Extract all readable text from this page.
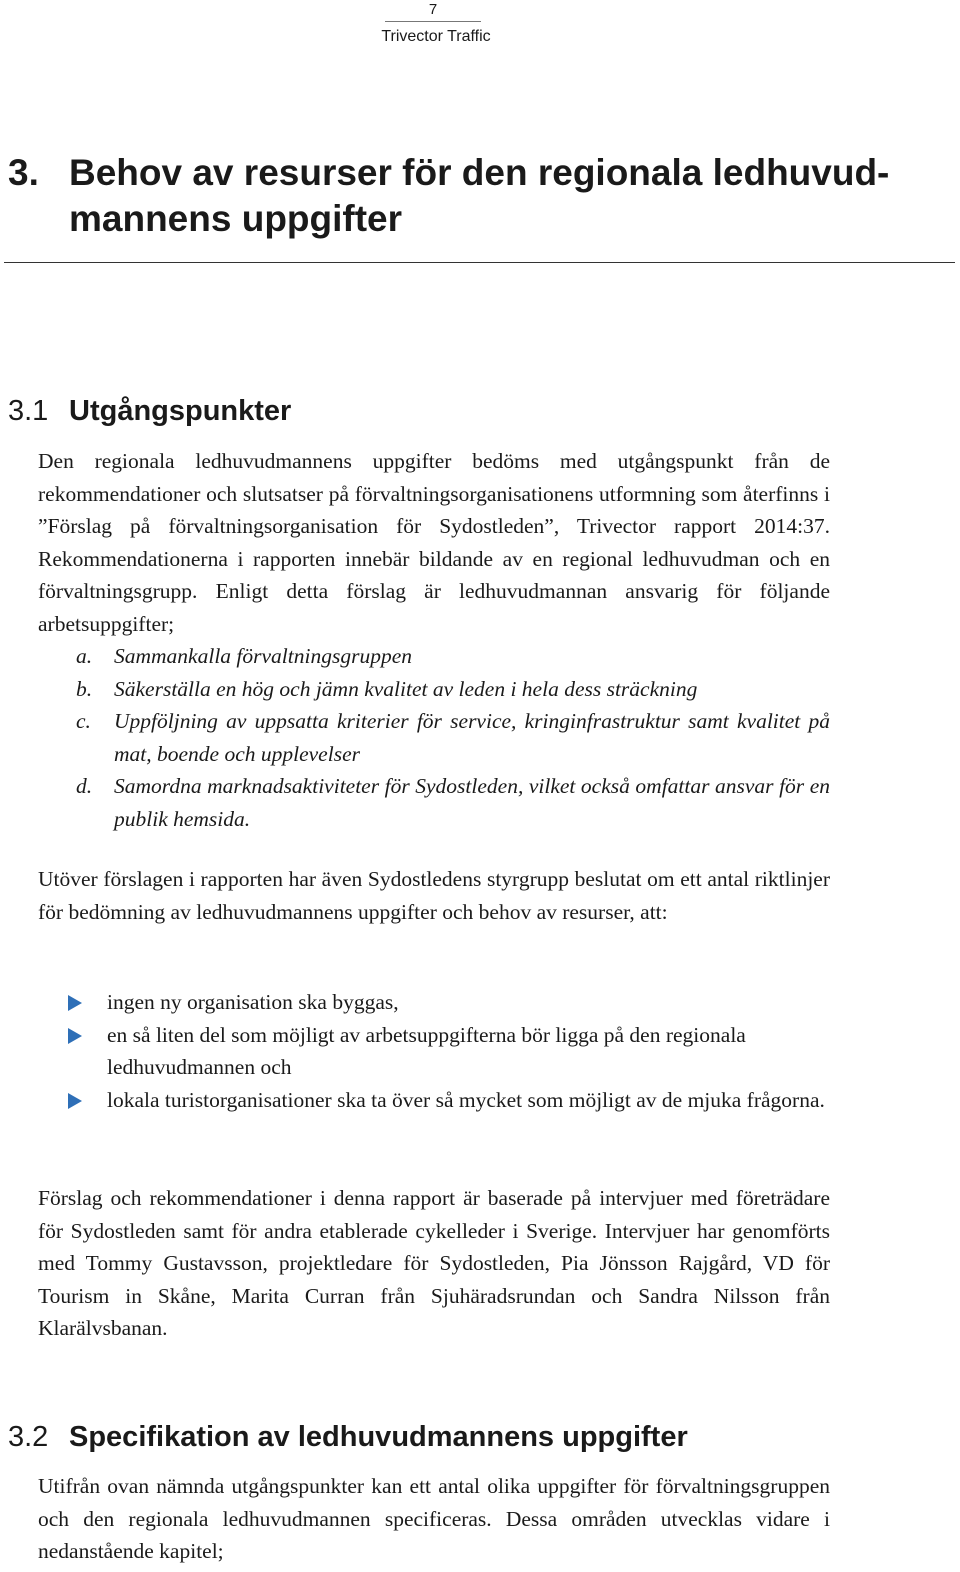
7
Trivector Traffic
3. Behov av resurser för den regionala ledhuvud-mannens uppgifter
3.1 Utgångspunkter
Den regionala ledhuvudmannens uppgifter bedöms med utgångspunkt från de rekommendationer och slutsatser på förvaltningsorganisationens utformning som återfinns i ”Förslag på förvaltningsorganisation för Sydostleden”, Trivector rapport 2014:37. Rekommendationerna i rapporten innebär bildande av en regional ledhuvudman och en förvaltningsgrupp. Enligt detta förslag är ledhuvudmannan ansvarig för följande arbetsuppgifter;
a. Sammankalla förvaltningsgruppen
b. Säkerställa en hög och jämn kvalitet av leden i hela dess sträckning
c. Uppföljning av uppsatta kriterier för service, kringinfrastruktur samt kvalitet på mat, boende och upplevelser
d. Samordna marknadsaktiviteter för Sydostleden, vilket också omfattar ansvar för en publik hemsida.
Utöver förslagen i rapporten har även Sydostledens styrgrupp beslutat om ett antal riktlinjer för bedömning av ledhuvudmannens uppgifter och behov av resurser, att:
ingen ny organisation ska byggas,
en så liten del som möjligt av arbetsuppgifterna bör ligga på den regionala ledhuvudmannen och
lokala turistorganisationer ska ta över så mycket som möjligt av de mjuka frågorna.
Förslag och rekommendationer i denna rapport är baserade på intervjuer med företrädare för Sydostleden samt för andra etablerade cykelleder i Sverige. Intervjuer har genomförts med Tommy Gustavsson, projektledare för Sydostleden, Pia Jönsson Rajgård, VD för Tourism in Skåne, Marita Curran från Sjuhäradsrundan och Sandra Nilsson från Klarälvsbanan.
3.2 Specifikation av ledhuvudmannens uppgifter
Utifrån ovan nämnda utgångspunkter kan ett antal olika uppgifter för förvaltningsgruppen och den regionala ledhuvudmannen specificeras. Dessa områden utvecklas vidare i nedanstående kapitel;
